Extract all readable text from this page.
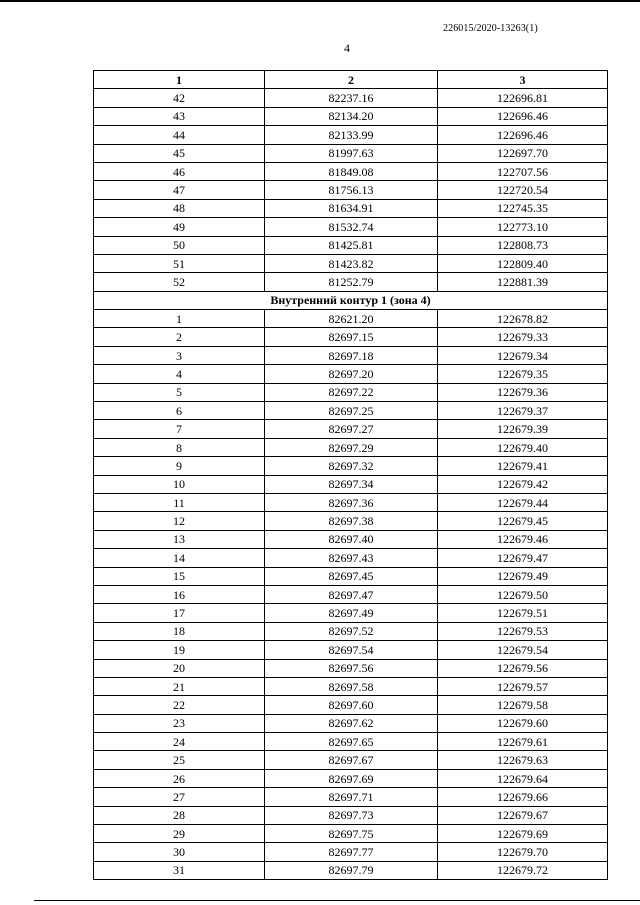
226015/2020-13263(1)
4
1	2	3
42	82237.16	122696.81
43	82134.20	122696.46
44	82133.99	122696.46
45	81997.63	122697.70
46	81849.08	122707.56
47	81756.13	122720.54
48	81634.91	122745.35
49	81532.74	122773.10
50	81425.81	122808.73
51	81423.82	122809.40
52	81252.79	122881.39
Внутренний контур 1 (зона 4)		
1	82621.20	122678.82
2	82697.15	122679.33
3	82697.18	122679.34
4	82697.20	122679.35
5	82697.22	122679.36
6	82697.25	122679.37
7	82697.27	122679.39
8	82697.29	122679.40
9	82697.32	122679.41
10	82697.34	122679.42
11	82697.36	122679.44
12	82697.38	122679.45
13	82697.40	122679.46
14	82697.43	122679.47
15	82697.45	122679.49
16	82697.47	122679.50
17	82697.49	122679.51
18	82697.52	122679.53
19	82697.54	122679.54
20	82697.56	122679.56
21	82697.58	122679.57
22	82697.60	122679.58
23	82697.62	122679.60
24	82697.65	122679.61
25	82697.67	122679.63
26	82697.69	122679.64
27	82697.71	122679.66
28	82697.73	122679.67
29	82697.75	122679.69
30	82697.77	122679.70
31	82697.79	122679.72
